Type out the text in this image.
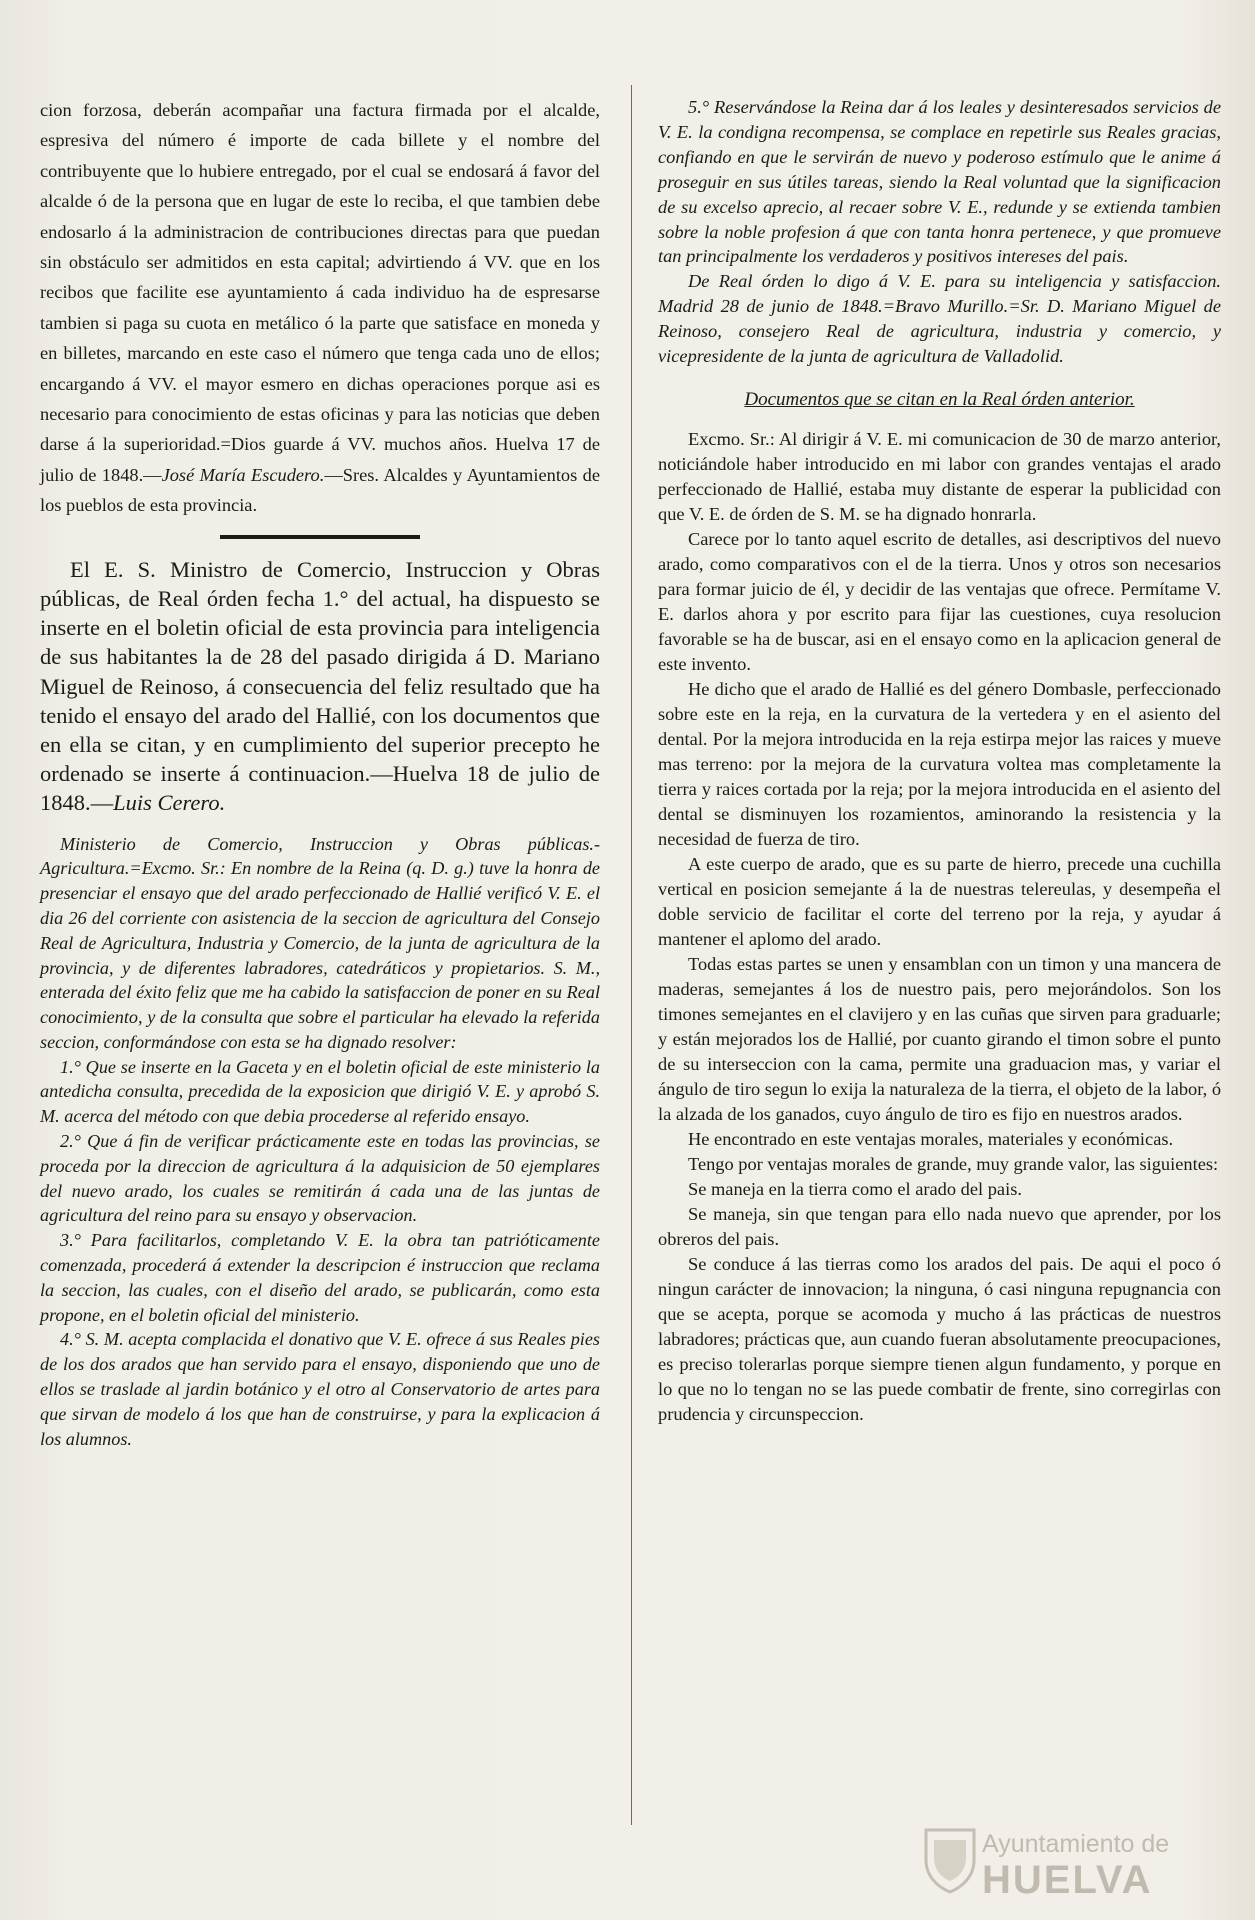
cion forzosa, deberán acompañar una factura firmada por el alcalde, espresiva del número é importe de cada billete y el nombre del contribuyente que lo hubiere entregado, por el cual se endosará á favor del alcalde ó de la persona que en lugar de este lo reciba, el que tambien debe endosarlo á la administracion de contribuciones directas para que puedan sin obstáculo ser admitidos en esta capital; advirtiendo á VV. que en los recibos que facilite ese ayuntamiento á cada individuo ha de espresarse tambien si paga su cuota en metálico ó la parte que satisface en moneda y en billetes, marcando en este caso el número que tenga cada uno de ellos; encargando á VV. el mayor esmero en dichas operaciones porque asi es necesario para conocimiento de estas oficinas y para las noticias que deben darse á la superioridad.=Dios guarde á VV. muchos años. Huelva 17 de julio de 1848.—José María Escudero.—Sres. Alcaldes y Ayuntamientos de los pueblos de esta provincia.

El E. S. Ministro de Comercio, Instruccion y Obras públicas, de Real órden fecha 1.° del actual, ha dispuesto se inserte en el boletin oficial de esta provincia para inteligencia de sus habitantes la de 28 del pasado dirigida á D. Mariano Miguel de Reinoso, á consecuencia del feliz resultado que ha tenido el ensayo del arado del Hallié, con los documentos que en ella se citan, y en cumplimiento del superior precepto he ordenado se inserte á continuacion.—Huelva 18 de julio de 1848.—Luis Cerero.

Ministerio de Comercio, Instruccion y Obras públicas.-Agricultura.=Excmo. Sr.: En nombre de la Reina (q. D. g.) tuve la honra de presenciar el ensayo que del arado perfeccionado de Hallié verificó V. E. el dia 26 del corriente con asistencia de la seccion de agricultura del Consejo Real de Agricultura, Industria y Comercio, de la junta de agricultura de la provincia, y de diferentes labradores, catedráticos y propietarios. S. M., enterada del éxito feliz que me ha cabido la satisfaccion de poner en su Real conocimiento, y de la consulta que sobre el particular ha elevado la referida seccion, conformándose con esta se ha dignado resolver:

1.° Que se inserte en la Gaceta y en el boletin oficial de este ministerio la antedicha consulta, precedida de la exposicion que dirigió V. E. y aprobó S. M. acerca del método con que debia procederse al referido ensayo.

2.° Que á fin de verificar prácticamente este en todas las provincias, se proceda por la direccion de agricultura á la adquisicion de 50 ejemplares del nuevo arado, los cuales se remitirán á cada una de las juntas de agricultura del reino para su ensayo y observacion.

3.° Para facilitarlos, completando V. E. la obra tan patrióticamente comenzada, procederá á extender la descripcion é instruccion que reclama la seccion, las cuales, con el diseño del arado, se publicarán, como esta propone, en el boletin oficial del ministerio.

4.° S. M. acepta complacida el donativo que V. E. ofrece á sus Reales pies de los dos arados que han servido para el ensayo, disponiendo que uno de ellos se traslade al jardin botánico y el otro al Conservatorio de artes para que sirvan de modelo á los que han de construirse, y para la explicacion á los alumnos.

5.° Reservándose la Reina dar á los leales y desinteresados servicios de V. E. la condigna recompensa, se complace en repetirle sus Reales gracias, confiando en que le servirán de nuevo y poderoso estímulo que le anime á proseguir en sus útiles tareas, siendo la Real voluntad que la significacion de su excelso aprecio, al recaer sobre V. E., redunde y se extienda tambien sobre la noble profesion á que con tanta honra pertenece, y que promueve tan principalmente los verdaderos y positivos intereses del pais.

De Real órden lo digo á V. E. para su inteligencia y satisfaccion. Madrid 28 de junio de 1848.=Bravo Murillo.=Sr. D. Mariano Miguel de Reinoso, consejero Real de agricultura, industria y comercio, y vicepresidente de la junta de agricultura de Valladolid.

Documentos que se citan en la Real órden anterior.

Excmo. Sr.: Al dirigir á V. E. mi comunicacion de 30 de marzo anterior, noticiándole haber introducido en mi labor con grandes ventajas el arado perfeccionado de Hallié, estaba muy distante de esperar la publicidad con que V. E. de órden de S. M. se ha dignado honrarla.

Carece por lo tanto aquel escrito de detalles, asi descriptivos del nuevo arado, como comparativos con el de la tierra. Unos y otros son necesarios para formar juicio de él, y decidir de las ventajas que ofrece. Permítame V. E. darlos ahora y por escrito para fijar las cuestiones, cuya resolucion favorable se ha de buscar, asi en el ensayo como en la aplicacion general de este invento.

He dicho que el arado de Hallié es del género Dombasle, perfeccionado sobre este en la reja, en la curvatura de la vertedera y en el asiento del dental. Por la mejora introducida en la reja estirpa mejor las raices y mueve mas terreno: por la mejora de la curvatura voltea mas completamente la tierra y raices cortada por la reja; por la mejora introducida en el asiento del dental se disminuyen los rozamientos, aminorando la resistencia y la necesidad de fuerza de tiro.

A este cuerpo de arado, que es su parte de hierro, precede una cuchilla vertical en posicion semejante á la de nuestras telereulas, y desempeña el doble servicio de facilitar el corte del terreno por la reja, y ayudar á mantener el aplomo del arado.

Todas estas partes se unen y ensamblan con un timon y una mancera de maderas, semejantes á los de nuestro pais, pero mejorándolos. Son los timones semejantes en el clavijero y en las cuñas que sirven para graduarle; y están mejorados los de Hallié, por cuanto girando el timon sobre el punto de su interseccion con la cama, permite una graduacion mas, y variar el ángulo de tiro segun lo exija la naturaleza de la tierra, el objeto de la labor, ó la alzada de los ganados, cuyo ángulo de tiro es fijo en nuestros arados.

He encontrado en este ventajas morales, materiales y económicas.

Tengo por ventajas morales de grande, muy grande valor, las siguientes:

Se maneja en la tierra como el arado del pais.

Se maneja, sin que tengan para ello nada nuevo que aprender, por los obreros del pais.

Se conduce á las tierras como los arados del pais. De aqui el poco ó ningun carácter de innovacion; la ninguna, ó casi ninguna repugnancia con que se acepta, porque se acomoda y mucho á las prácticas de nuestros labradores; prácticas que, aun cuando fueran absolutamente preocupaciones, es preciso tolerarlas porque siempre tienen algun fundamento, y porque en lo que no lo tengan no se las puede combatir de frente, sino corregirlas con prudencia y circunspeccion.

Ayuntamiento de
HUELVA
